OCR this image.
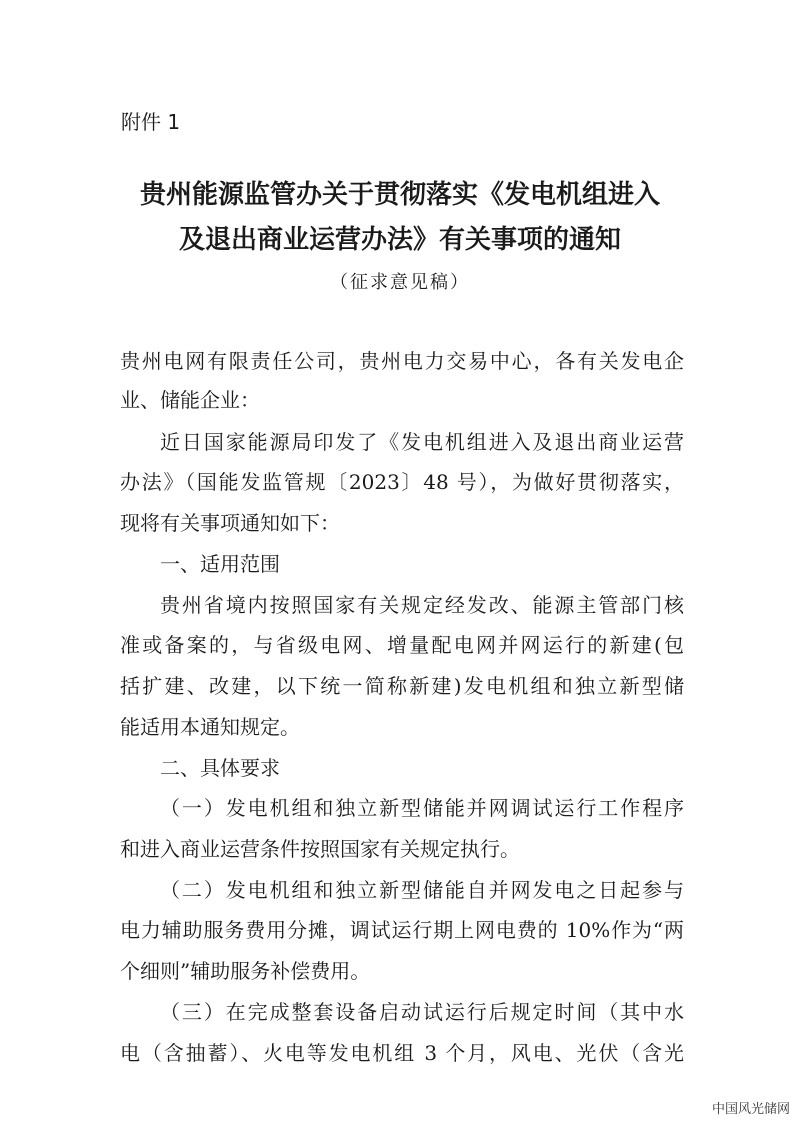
附件 1

贵州能源监管办关于贯彻落实《发电机组进入
及退出商业运营办法》有关事项的通知

（征求意见稿）

贵州电网有限责任公司，贵州电力交易中心，各有关发电企

业、储能企业：

近日国家能源局印发了《发电机组进入及退出商业运营

办法》（国能发监管规〔2023〕48 号），为做好贯彻落实，

现将有关事项通知如下：

一、适用范围

贵州省境内按照国家有关规定经发改、能源主管部门核

准或备案的，与省级电网、增量配电网并网运行的新建(包

括扩建、改建，以下统一简称新建)发电机组和独立新型储

能适用本通知规定。

二、具体要求

（一）发电机组和独立新型储能并网调试运行工作程序

和进入商业运营条件按照国家有关规定执行。

（二）发电机组和独立新型储能自并网发电之日起参与

电力辅助服务费用分摊，调试运行期上网电费的 10%作为“两

个细则”辅助服务补偿费用。

（三）在完成整套设备启动试运行后规定时间（其中水

电（含抽蓄）、火电等发电机组 3 个月，风电、光伏（含光

中国风光储网
